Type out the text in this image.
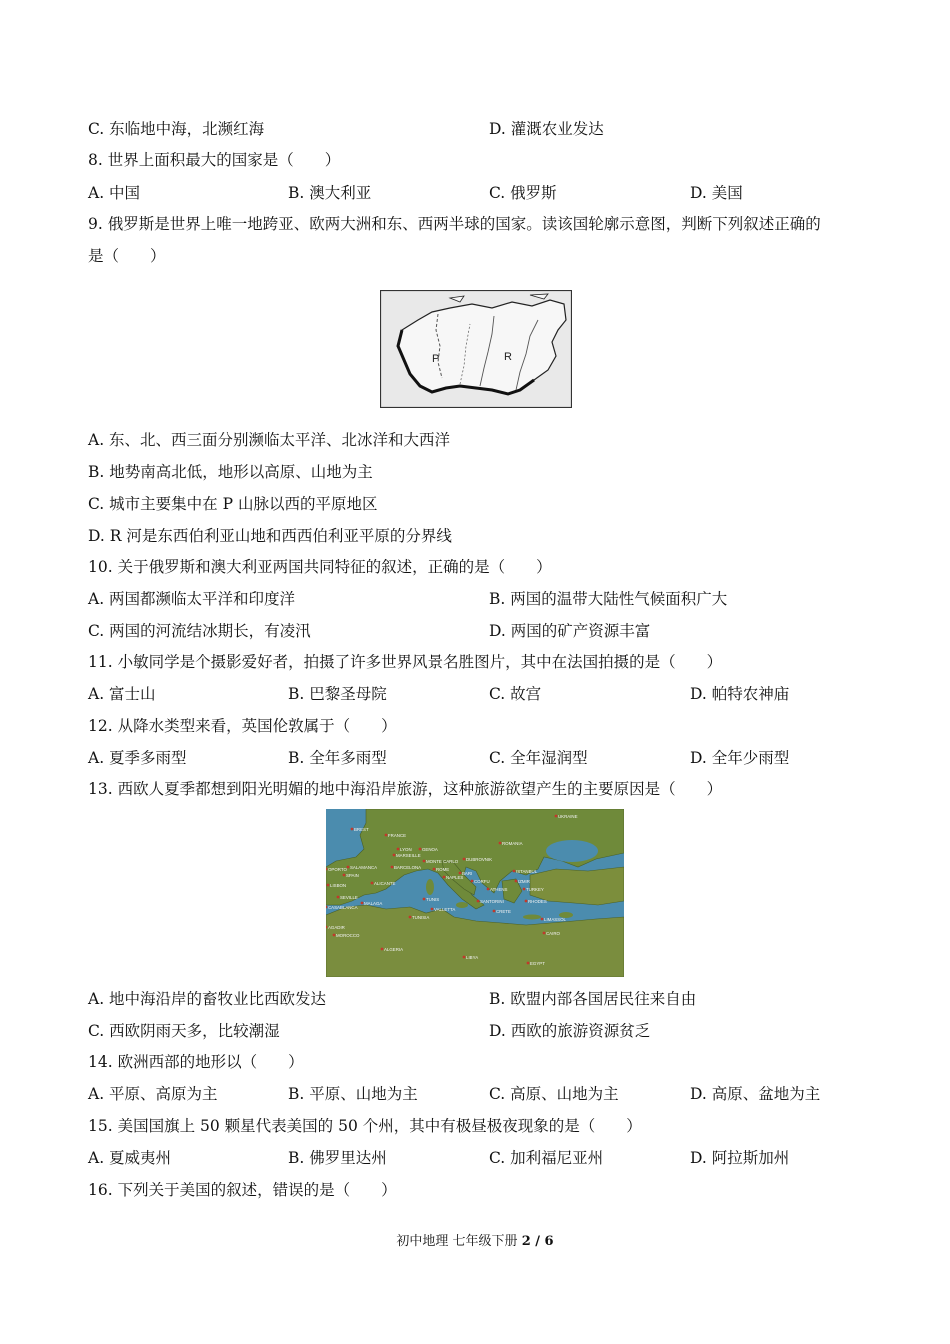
C. 东临地中海，北濒红海	D. 灌溉农业发达
8. 世界上面积最大的国家是（　　）
A. 中国	B. 澳大利亚	C. 俄罗斯	D. 美国
9. 俄罗斯是世界上唯一地跨亚、欧两大洲和东、西两半球的国家。读该国轮廓示意图，判断下列叙述正确的
是（　　）
P	R
A. 东、北、西三面分别濒临太平洋、北冰洋和大西洋
B. 地势南高北低，地形以高原、山地为主
C. 城市主要集中在 P 山脉以西的平原地区
D. R 河是东西伯利亚山地和西西伯利亚平原的分界线
10. 关于俄罗斯和澳大利亚两国共同特征的叙述，正确的是（　　）
A. 两国都濒临太平洋和印度洋	B. 两国的温带大陆性气候面积广大
C. 两国的河流结冰期长，有凌汛	D. 两国的矿产资源丰富
11. 小敏同学是个摄影爱好者，拍摄了许多世界风景名胜图片，其中在法国拍摄的是（　　）
A. 富士山	B. 巴黎圣母院	C. 故宫	D. 帕特农神庙
12. 从降水类型来看，英国伦敦属于（　　）
A. 夏季多雨型	B. 全年多雨型	C. 全年湿润型	D. 全年少雨型
13. 西欧人夏季都想到阳光明媚的地中海沿岸旅游，这种旅游欲望产生的主要原因是（　　）
UKRAINE
BREST
FRANCE
LYON GENOA
ROMANIA
MARSEILLE
MONTE CARLO DUBROVNIK
OPORTO SALAMANCA	BARCELONA	ROME
NAPLES
BARI	ISTANBUL
SPAIN
CORFU	IZMIR
TURKEY
LISBON	ALICANTE
ATHENS
SEVILLE
MALAGA
TUNIS	SANTORINI	RHODES
CASABLANCA	VALLETTA	CRETE
LIMASSOL
TUNISIA
AGADIR
MOROCCO	CAIRO
ALGERIA
LIBYA
EGYPT
A. 地中海沿岸的畜牧业比西欧发达	B. 欧盟内部各国居民往来自由
C. 西欧阴雨天多，比较潮湿	D. 西欧的旅游资源贫乏
14. 欧洲西部的地形以（　　）
A. 平原、高原为主	B. 平原、山地为主	C. 高原、山地为主	D. 高原、盆地为主
15. 美国国旗上 50 颗星代表美国的 50 个州，其中有极昼极夜现象的是（　　）
A. 夏威夷州	B. 佛罗里达州	C. 加利福尼亚州	D. 阿拉斯加州
16. 下列关于美国的叙述，错误的是（　　）
初中地理 七年级下册 2 / 6
